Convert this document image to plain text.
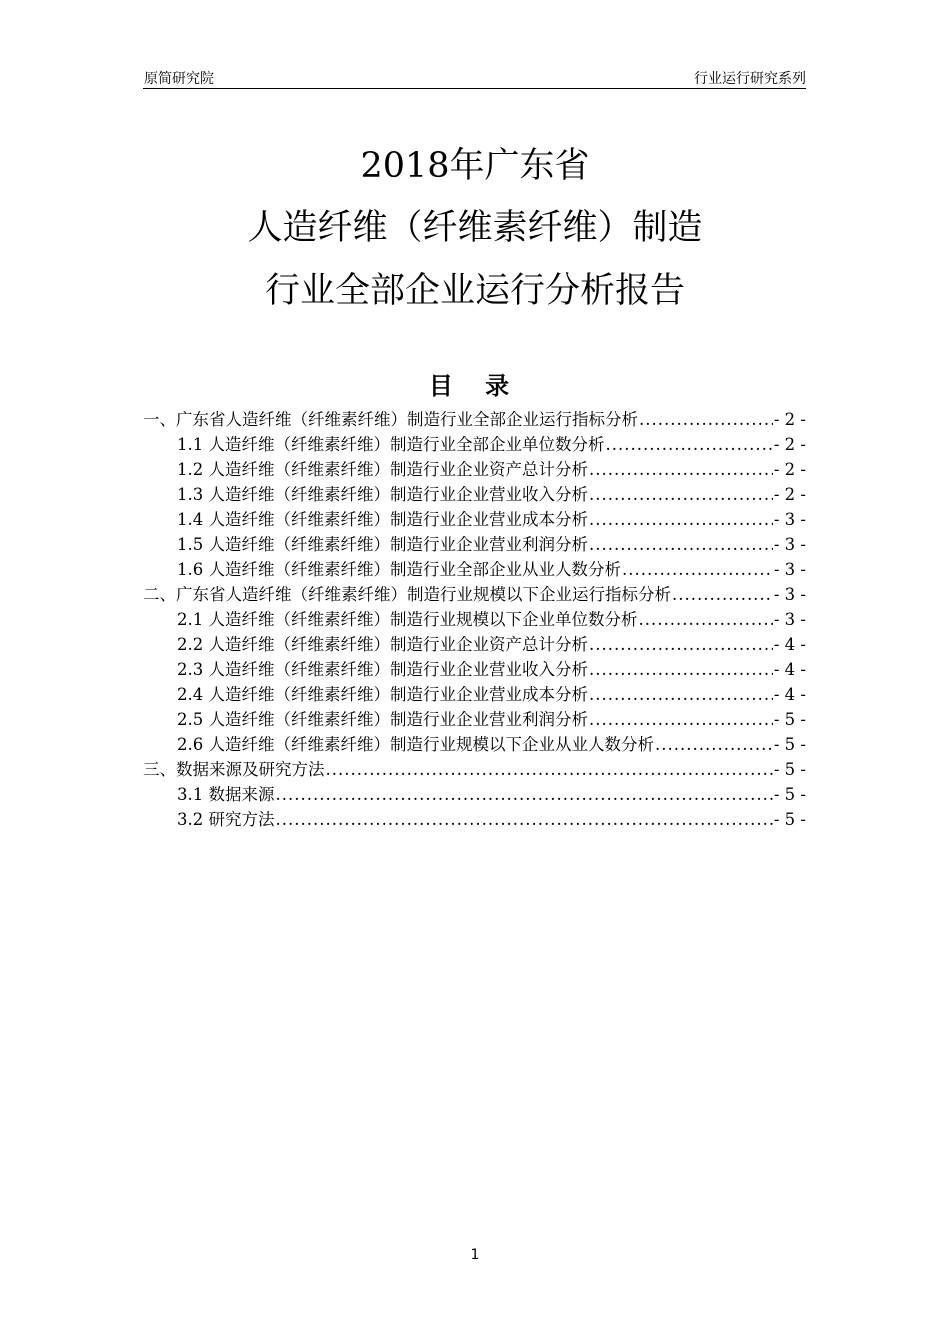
原简研究院	行业运行研究系列
2018年广东省
人造纤维（纤维素纤维）制造
行业全部企业运行分析报告
目 录
一、广东省人造纤维（纤维素纤维）制造行业全部企业运行指标分析 .....	- 2 -
1.1 人造纤维（纤维素纤维）制造行业全部企业单位数分析 .....	- 2 -
1.2 人造纤维（纤维素纤维）制造行业企业资产总计分析 .....	- 2 -
1.3 人造纤维（纤维素纤维）制造行业企业营业收入分析 .....	- 2 -
1.4 人造纤维（纤维素纤维）制造行业企业营业成本分析 .....	- 3 -
1.5 人造纤维（纤维素纤维）制造行业企业营业利润分析 .....	- 3 -
1.6 人造纤维（纤维素纤维）制造行业全部企业从业人数分析 .....	- 3 -
二、广东省人造纤维（纤维素纤维）制造行业规模以下企业运行指标分析 .....	- 3 -
2.1 人造纤维（纤维素纤维）制造行业规模以下企业单位数分析 .....	- 3 -
2.2 人造纤维（纤维素纤维）制造行业企业资产总计分析 .....	- 4 -
2.3 人造纤维（纤维素纤维）制造行业企业营业收入分析 .....	- 4 -
2.4 人造纤维（纤维素纤维）制造行业企业营业成本分析 .....	- 4 -
2.5 人造纤维（纤维素纤维）制造行业企业营业利润分析 .....	- 5 -
2.6 人造纤维（纤维素纤维）制造行业规模以下企业从业人数分析 .....	- 5 -
三、数据来源及研究方法 .....	- 5 -
3.1 数据来源 .....	- 5 -
3.2 研究方法 .....	- 5 -
1
